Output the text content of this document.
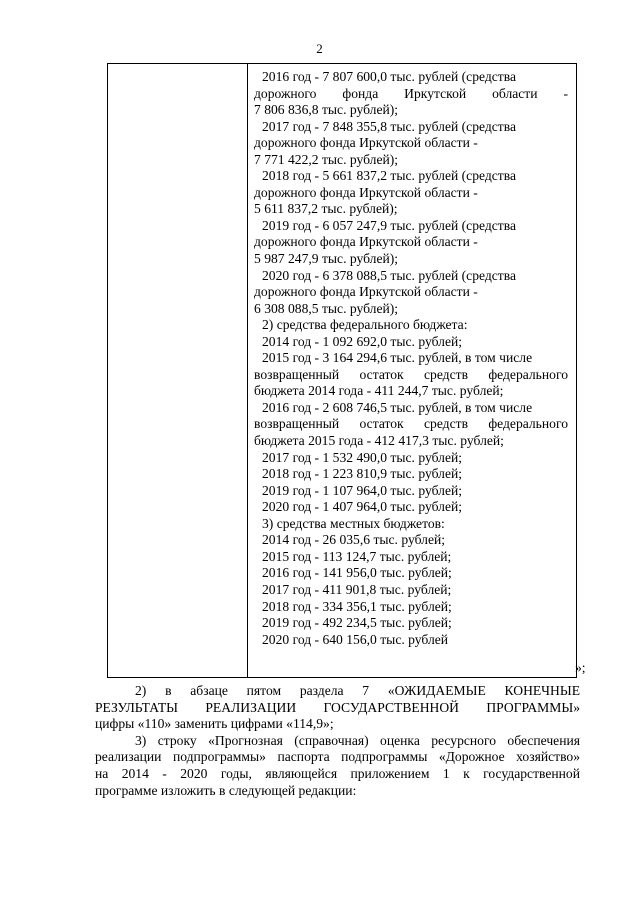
2
2016 год - 7 807 600,0 тыс. рублей (средства
дорожного фонда Иркутской области -
7 806 836,8 тыс. рублей);
2017 год - 7 848 355,8 тыс. рублей (средства
дорожного фонда Иркутской области -
7 771 422,2 тыс. рублей);
2018 год - 5 661 837,2 тыс. рублей (средства
дорожного фонда Иркутской области -
5 611 837,2 тыс. рублей);
2019 год - 6 057 247,9 тыс. рублей (средства
дорожного фонда Иркутской области -
5 987 247,9 тыс. рублей);
2020 год - 6 378 088,5 тыс. рублей (средства
дорожного фонда Иркутской области -
6 308 088,5 тыс. рублей);
2) средства федерального бюджета:
2014 год - 1 092 692,0 тыс. рублей;
2015 год - 3 164 294,6 тыс. рублей, в том числе
возвращенный остаток средств федерального
бюджета 2014 года - 411 244,7 тыс. рублей;
2016 год - 2 608 746,5 тыс. рублей, в том числе
возвращенный остаток средств федерального
бюджета 2015 года - 412 417,3 тыс. рублей;
2017 год - 1 532 490,0 тыс. рублей;
2018 год - 1 223 810,9 тыс. рублей;
2019 год - 1 107 964,0 тыс. рублей;
2020 год - 1 407 964,0 тыс. рублей;
3) средства местных бюджетов:
2014 год - 26 035,6 тыс. рублей;
2015 год - 113 124,7 тыс. рублей;
2016 год - 141 956,0 тыс. рублей;
2017 год - 411 901,8 тыс. рублей;
2018 год - 334 356,1 тыс. рублей;
2019 год - 492 234,5 тыс. рублей;
2020 год - 640 156,0 тыс. рублей
»;
2) в абзаце пятом раздела 7 «ОЖИДАЕМЫЕ КОНЕЧНЫЕ
РЕЗУЛЬТАТЫ РЕАЛИЗАЦИИ ГОСУДАРСТВЕННОЙ ПРОГРАММЫ»
цифры «110» заменить цифрами «114,9»;
3) строку «Прогнозная (справочная) оценка ресурсного обеспечения
реализации подпрограммы» паспорта подпрограммы «Дорожное хозяйство»
на 2014 - 2020 годы, являющейся приложением 1 к государственной
программе изложить в следующей редакции:
